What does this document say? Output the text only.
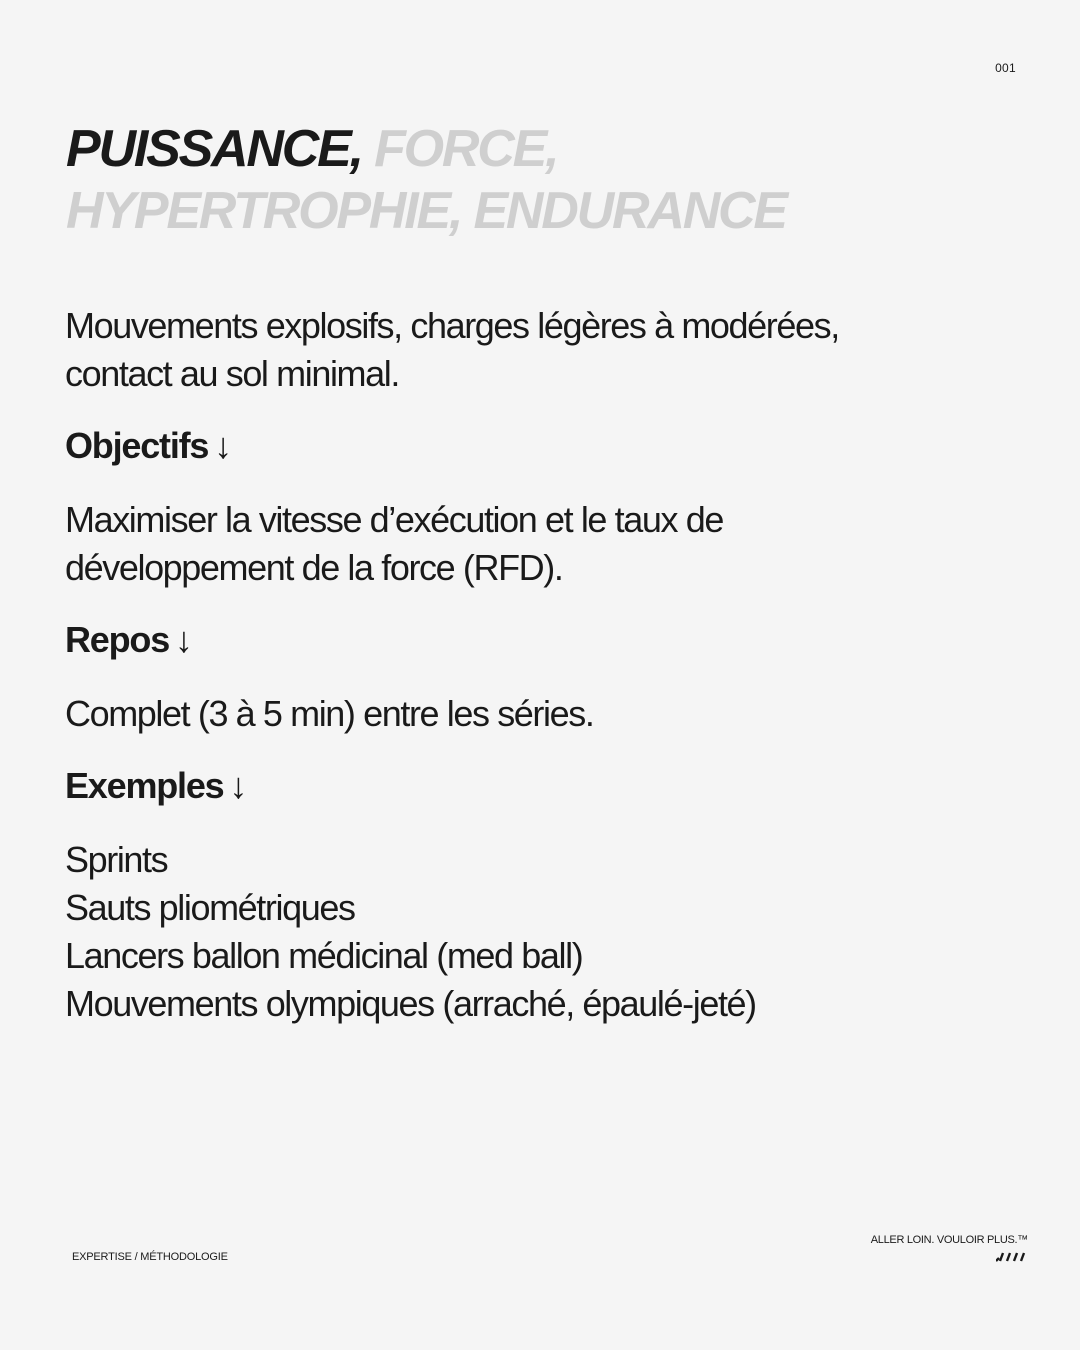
001
PUISSANCE, FORCE,
HYPERTROPHIE, ENDURANCE

Mouvements explosifs, charges légères à modérées,
contact au sol minimal.

Objectifs ↓

Maximiser la vitesse d’exécution et le taux de
développement de la force (RFD).

Repos ↓

Complet (3 à 5 min) entre les séries.

Exemples ↓
Sprints
Sauts pliométriques
Lancers ballon médicinal (med ball)
Mouvements olympiques (arraché, épaulé-jeté)
EXPERTISE / MÉTHODOLOGIE
ALLER LOIN. VOULOIR PLUS.™
